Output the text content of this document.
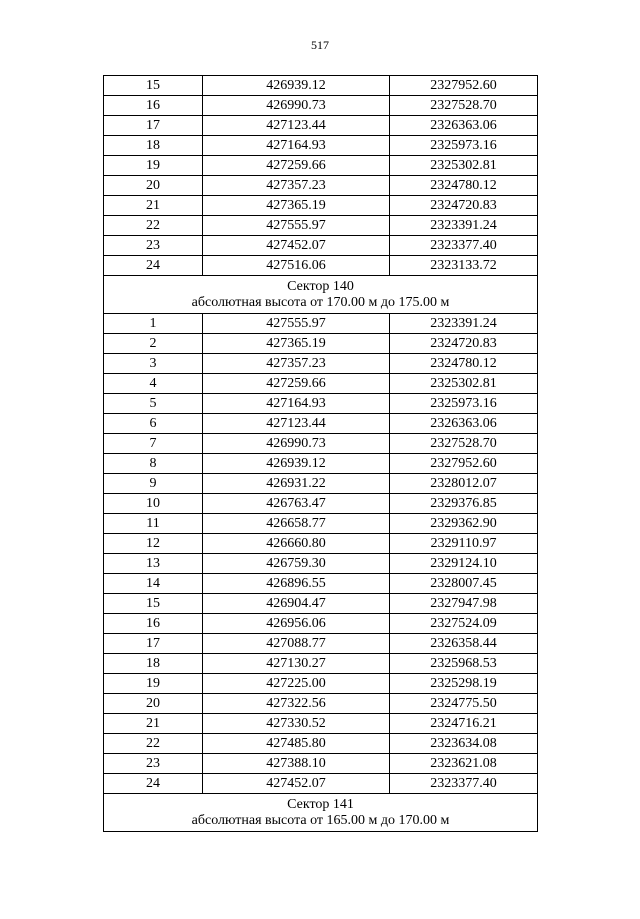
517
15	426939.12	2327952.60
16	426990.73	2327528.70
17	427123.44	2326363.06
18	427164.93	2325973.16
19	427259.66	2325302.81
20	427357.23	2324780.12
21	427365.19	2324720.83
22	427555.97	2323391.24
23	427452.07	2323377.40
24	427516.06	2323133.72

Сектор 140
абсолютная высота от 170.00 м до 175.00 м		

1	427555.97	2323391.24
2	427365.19	2324720.83
3	427357.23	2324780.12
4	427259.66	2325302.81
5	427164.93	2325973.16
6	427123.44	2326363.06
7	426990.73	2327528.70
8	426939.12	2327952.60
9	426931.22	2328012.07
10	426763.47	2329376.85
11	426658.77	2329362.90
12	426660.80	2329110.97
13	426759.30	2329124.10
14	426896.55	2328007.45
15	426904.47	2327947.98
16	426956.06	2327524.09
17	427088.77	2326358.44
18	427130.27	2325968.53
19	427225.00	2325298.19
20	427322.56	2324775.50
21	427330.52	2324716.21
22	427485.80	2323634.08
23	427388.10	2323621.08
24	427452.07	2323377.40

Сектор 141
абсолютная высота от 165.00 м до 170.00 м		
